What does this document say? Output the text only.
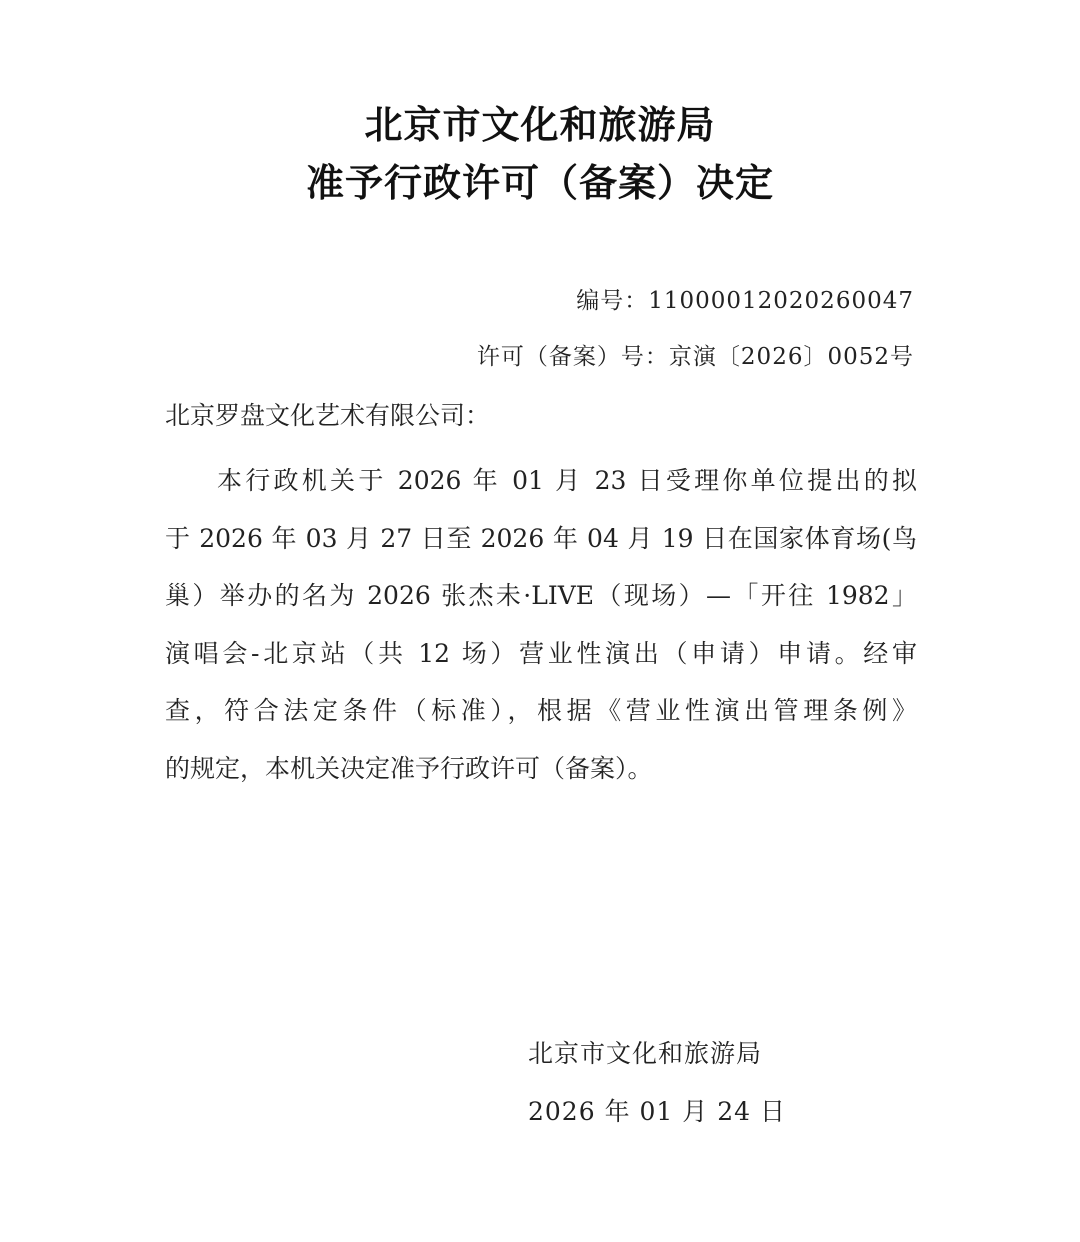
北京市文化和旅游局
准予行政许可（备案）决定
编号：11000012020260047
许可（备案）号：京演〔2026〕0052号
北京罗盘文化艺术有限公司：
本行政机关于 2026 年 01 月 23 日受理你单位提出的拟
于 2026 年 03 月 27 日至 2026 年 04 月 19 日在国家体育场(鸟
巢）举办的名为 2026 张杰未·LIVE（现场）—「开往 1982」
演唱会-北京站（共 12 场）营业性演出（申请）申请。经审
查，符合法定条件（标准），根据《营业性演出管理条例》
的规定，本机关决定准予行政许可（备案）。
北京市文化和旅游局
2026 年 01 月 24 日
